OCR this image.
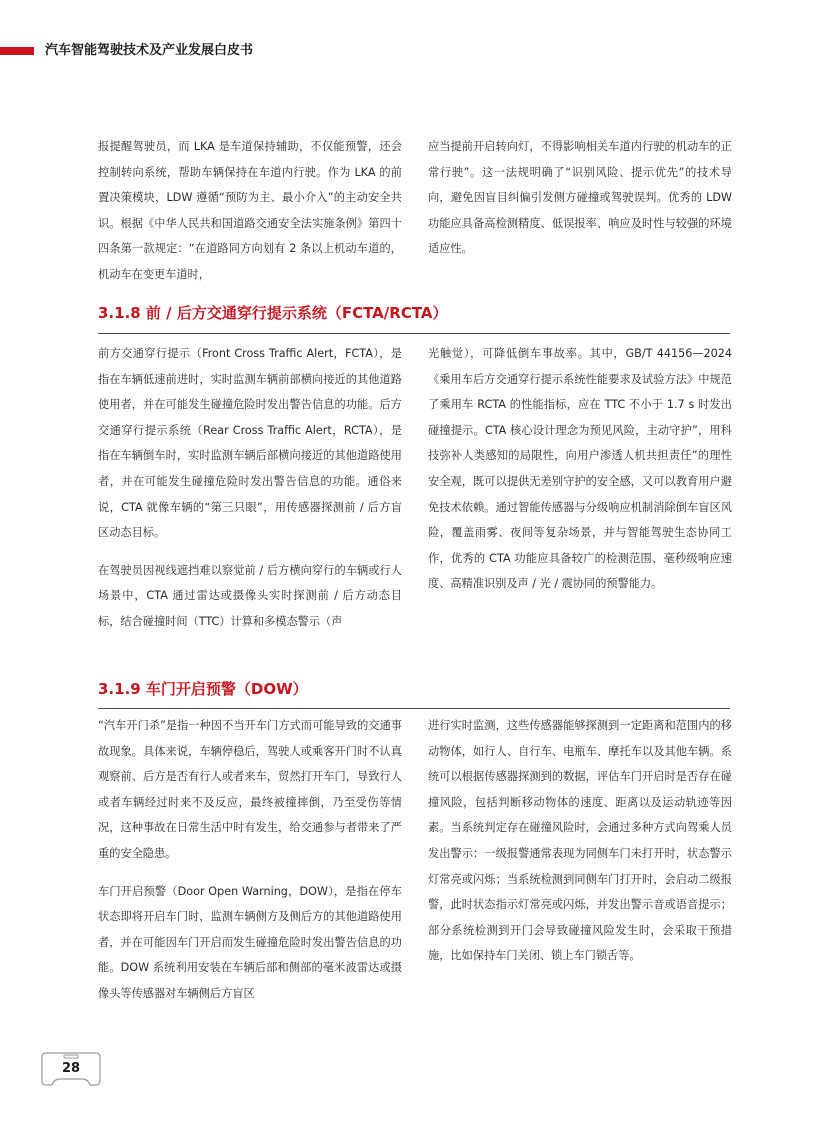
汽车智能驾驶技术及产业发展白皮书

报提醒驾驶员，而 LKA 是车道保持辅助，不仅能预警，还会控制转向系统，帮助车辆保持在车道内行驶。作为 LKA 的前置决策模块，LDW 遵循“预防为主、最小介入”的主动安全共识。根据《中华人民共和国道路交通安全法实施条例》第四十四条第一款规定：“在道路同方向划有 2 条以上机动车道的，机动车在变更车道时，

应当提前开启转向灯，不得影响相关车道内行驶的机动车的正常行驶”。这一法规明确了“识别风险、提示优先”的技术导向，避免因盲目纠偏引发侧方碰撞或驾驶误判。优秀的 LDW 功能应具备高检测精度、低误报率、响应及时性与较强的环境适应性。

3.1.8 前 / 后方交通穿行提示系统（FCTA/RCTA）

前方交通穿行提示（Front Cross Traffic Alert，FCTA），是指在车辆低速前进时，实时监测车辆前部横向接近的其他道路使用者，并在可能发生碰撞危险时发出警告信息的功能。后方交通穿行提示系统（Rear Cross Traffic Alert，RCTA），是指在车辆倒车时，实时监测车辆后部横向接近的其他道路使用者，并在可能发生碰撞危险时发出警告信息的功能。通俗来说，CTA 就像车辆的“第三只眼”，用传感器探测前 / 后方盲区动态目标。

在驾驶员因视线遮挡难以察觉前 / 后方横向穿行的车辆或行人场景中，CTA 通过雷达或摄像头实时探测前 / 后方动态目标，结合碰撞时间（TTC）计算和多模态警示（声

光触觉），可降低倒车事故率。其中，GB/T 44156—2024《乘用车后方交通穿行提示系统性能要求及试验方法》中规范了乘用车 RCTA 的性能指标，应在 TTC 不小于 1.7 s 时发出碰撞提示。CTA 核心设计理念为预见风险，主动守护”，用科技弥补人类感知的局限性，向用户渗透人机共担责任”的理性安全观，既可以提供无差别守护的安全感，又可以教育用户避免技术依赖。通过智能传感器与分级响应机制消除倒车盲区风险，覆盖雨雾、夜间等复杂场景，并与智能驾驶生态协同工作，优秀的 CTA 功能应具备较广的检测范围、毫秒级响应速度、高精准识别及声 / 光 / 震协同的预警能力。

3.1.9 车门开启预警（DOW）

“汽车开门杀”是指一种因不当开车门方式而可能导致的交通事故现象。具体来说，车辆停稳后，驾驶人或乘客开门时不认真观察前、后方是否有行人或者来车，贸然打开车门，导致行人或者车辆经过时来不及反应，最终被撞摔倒，乃至受伤等情况，这种事故在日常生活中时有发生，给交通参与者带来了严重的安全隐患。

车门开启预警（Door Open Warning，DOW），是指在停车状态即将开启车门时，监测车辆侧方及侧后方的其他道路使用者，并在可能因车门开启而发生碰撞危险时发出警告信息的功能。DOW 系统利用安装在车辆后部和侧部的毫米波雷达或摄像头等传感器对车辆侧后方盲区

进行实时监测，这些传感器能够探测到一定距离和范围内的移动物体，如行人、自行车、电瓶车、摩托车以及其他车辆。系统可以根据传感器探测到的数据，评估车门开启时是否存在碰撞风险，包括判断移动物体的速度、距离以及运动轨迹等因素。当系统判定存在碰撞风险时，会通过多种方式向驾乘人员发出警示：一级报警通常表现为同侧车门未打开时，状态警示灯常亮或闪烁；当系统检测到同侧车门打开时，会启动二级报警，此时状态指示灯常亮或闪烁，并发出警示音或语音提示；部分系统检测到开门会导致碰撞风险发生时，会采取干预措施，比如保持车门关闭、锁上车门锁舌等。

28
